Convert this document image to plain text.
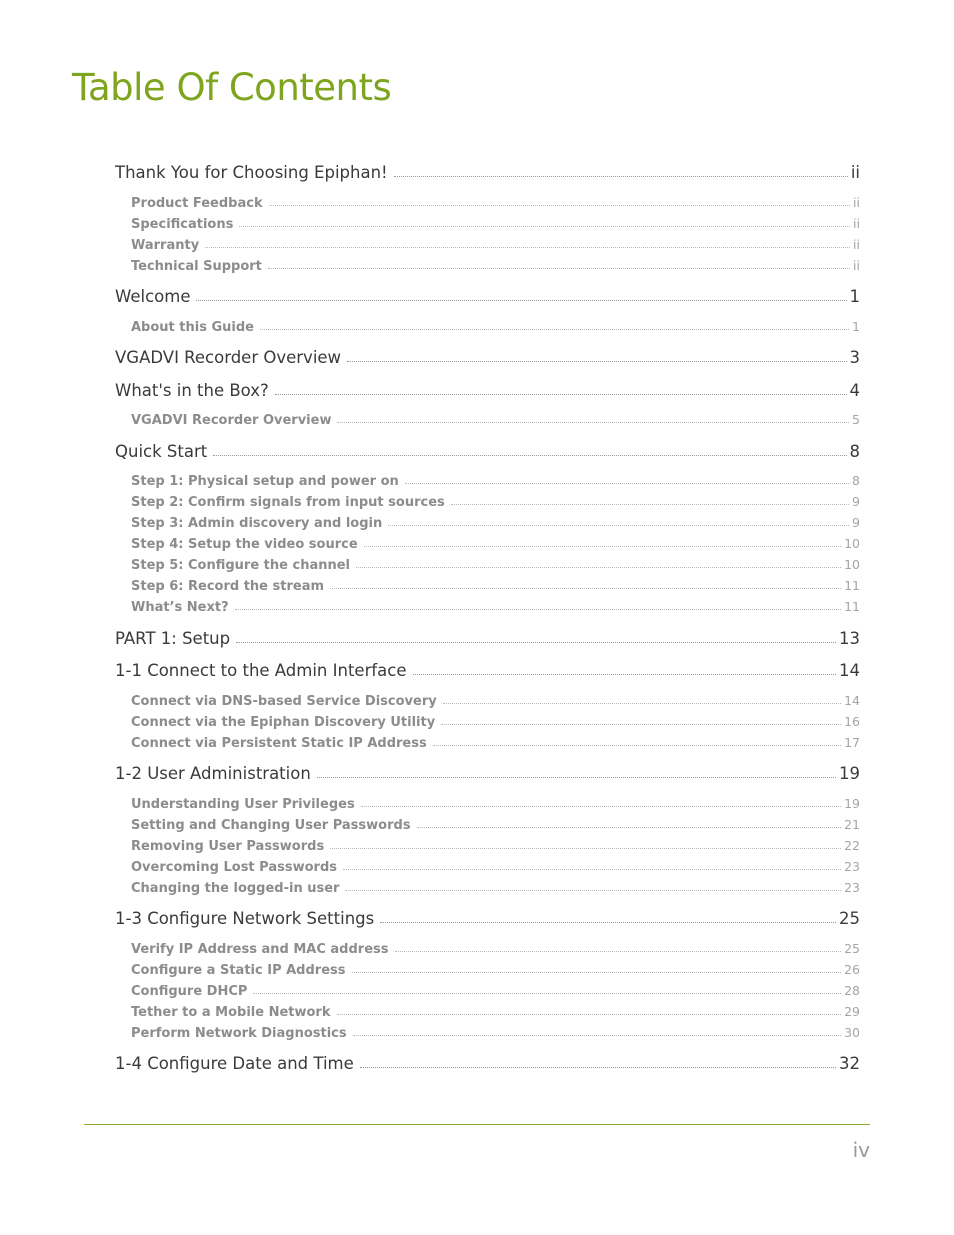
Table Of Contents
Thank You for Choosing Epiphan!	ii
Product Feedback	ii
Specifications	ii
Warranty	ii
Technical Support	ii
Welcome	1
About this Guide	1
VGADVI Recorder Overview	3
What's in the Box?	4
VGADVI Recorder Overview	5
Quick Start	8
Step 1: Physical setup and power on	8
Step 2: Confirm signals from input sources	9
Step 3: Admin discovery and login	9
Step 4: Setup the video source	10
Step 5: Configure the channel	10
Step 6: Record the stream	11
What’s Next?	11
PART 1: Setup	13
1-1 Connect to the Admin Interface	14
Connect via DNS-based Service Discovery	14
Connect via the Epiphan Discovery Utility	16
Connect via Persistent Static IP Address	17
1-2 User Administration	19
Understanding User Privileges	19
Setting and Changing User Passwords	21
Removing User Passwords	22
Overcoming Lost Passwords	23
Changing the logged-in user	23
1-3 Configure Network Settings	25
Verify IP Address and MAC address	25
Configure a Static IP Address	26
Configure DHCP	28
Tether to a Mobile Network	29
Perform Network Diagnostics	30
1-4 Configure Date and Time	32
iv
